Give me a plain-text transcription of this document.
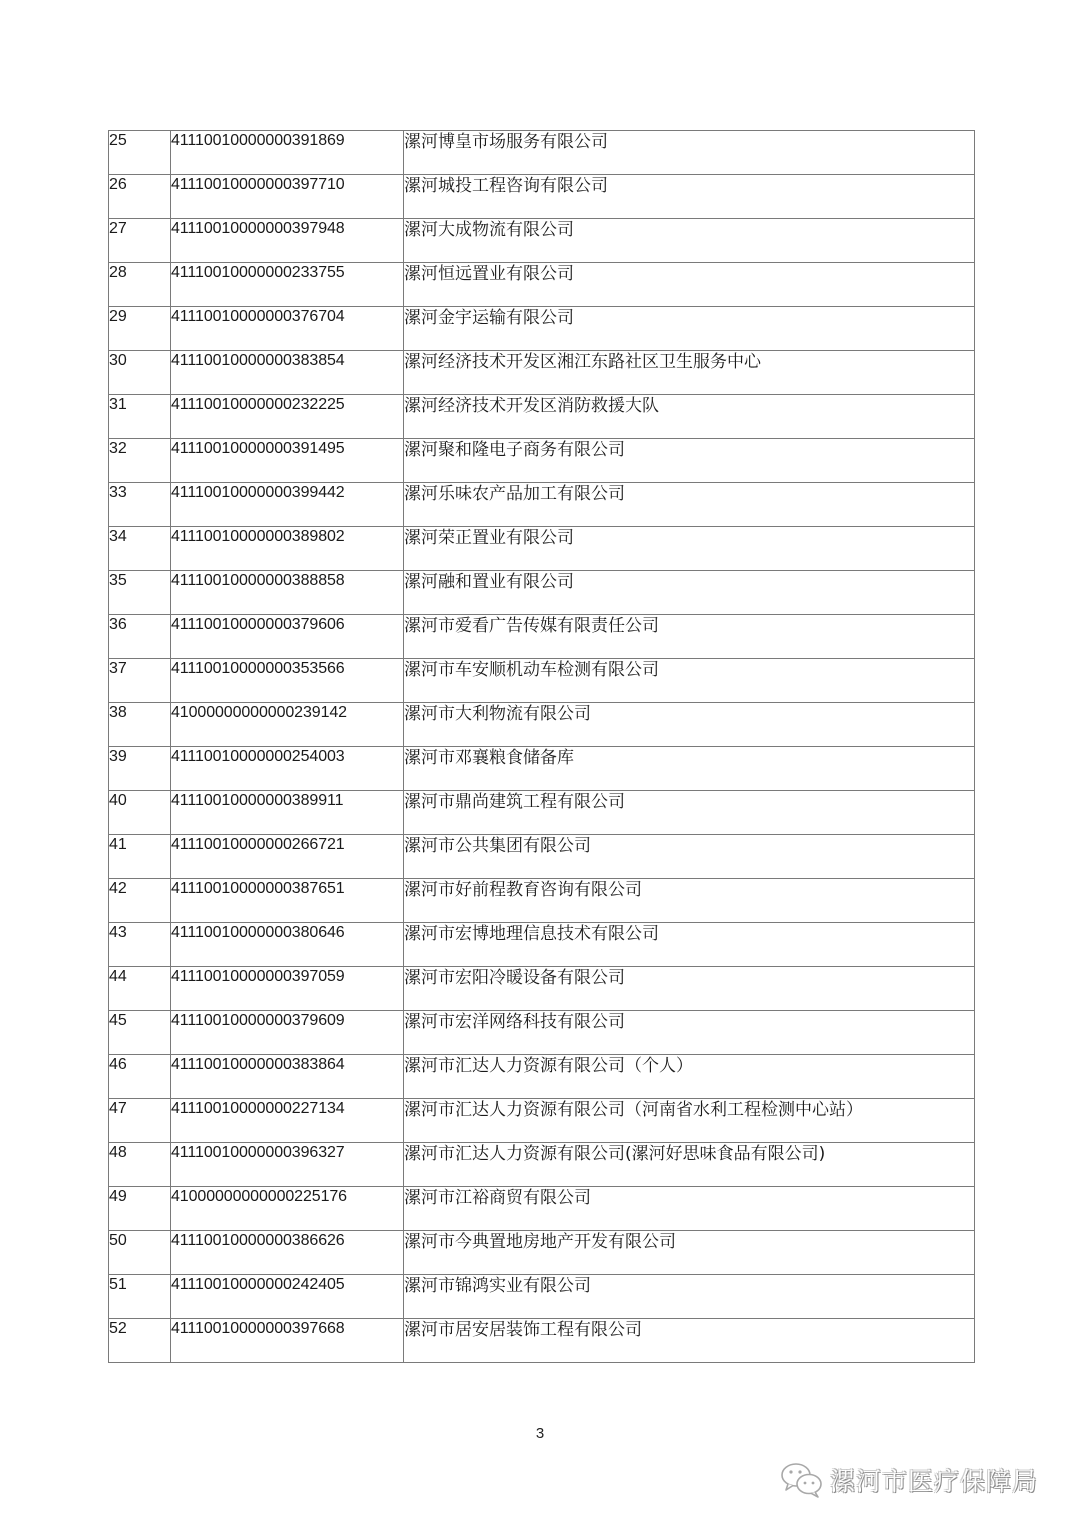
25	41110010000000391869	漯河博皇市场服务有限公司
26	41110010000000397710	漯河城投工程咨询有限公司
27	41110010000000397948	漯河大成物流有限公司
28	41110010000000233755	漯河恒远置业有限公司
29	41110010000000376704	漯河金宇运输有限公司
30	41110010000000383854	漯河经济技术开发区湘江东路社区卫生服务中心
31	41110010000000232225	漯河经济技术开发区消防救援大队
32	41110010000000391495	漯河聚和隆电子商务有限公司
33	41110010000000399442	漯河乐味农产品加工有限公司
34	41110010000000389802	漯河荣正置业有限公司
35	41110010000000388858	漯河融和置业有限公司
36	41110010000000379606	漯河市爱看广告传媒有限责任公司
37	41110010000000353566	漯河市车安顺机动车检测有限公司
38	41000000000000239142	漯河市大利物流有限公司
39	41110010000000254003	漯河市邓襄粮食储备库
40	41110010000000389911	漯河市鼎尚建筑工程有限公司
41	41110010000000266721	漯河市公共集团有限公司
42	41110010000000387651	漯河市好前程教育咨询有限公司
43	41110010000000380646	漯河市宏博地理信息技术有限公司
44	41110010000000397059	漯河市宏阳冷暖设备有限公司
45	41110010000000379609	漯河市宏洋网络科技有限公司
46	41110010000000383864	漯河市汇达人力资源有限公司（个人）
47	41110010000000227134	漯河市汇达人力资源有限公司（河南省水利工程检测中心站）
48	41110010000000396327	漯河市汇达人力资源有限公司(漯河好思味食品有限公司)
49	41000000000000225176	漯河市江裕商贸有限公司
50	41110010000000386626	漯河市今典置地房地产开发有限公司
51	41110010000000242405	漯河市锦鸿实业有限公司
52	41110010000000397668	漯河市居安居装饰工程有限公司
3
漯河市医疗保障局
